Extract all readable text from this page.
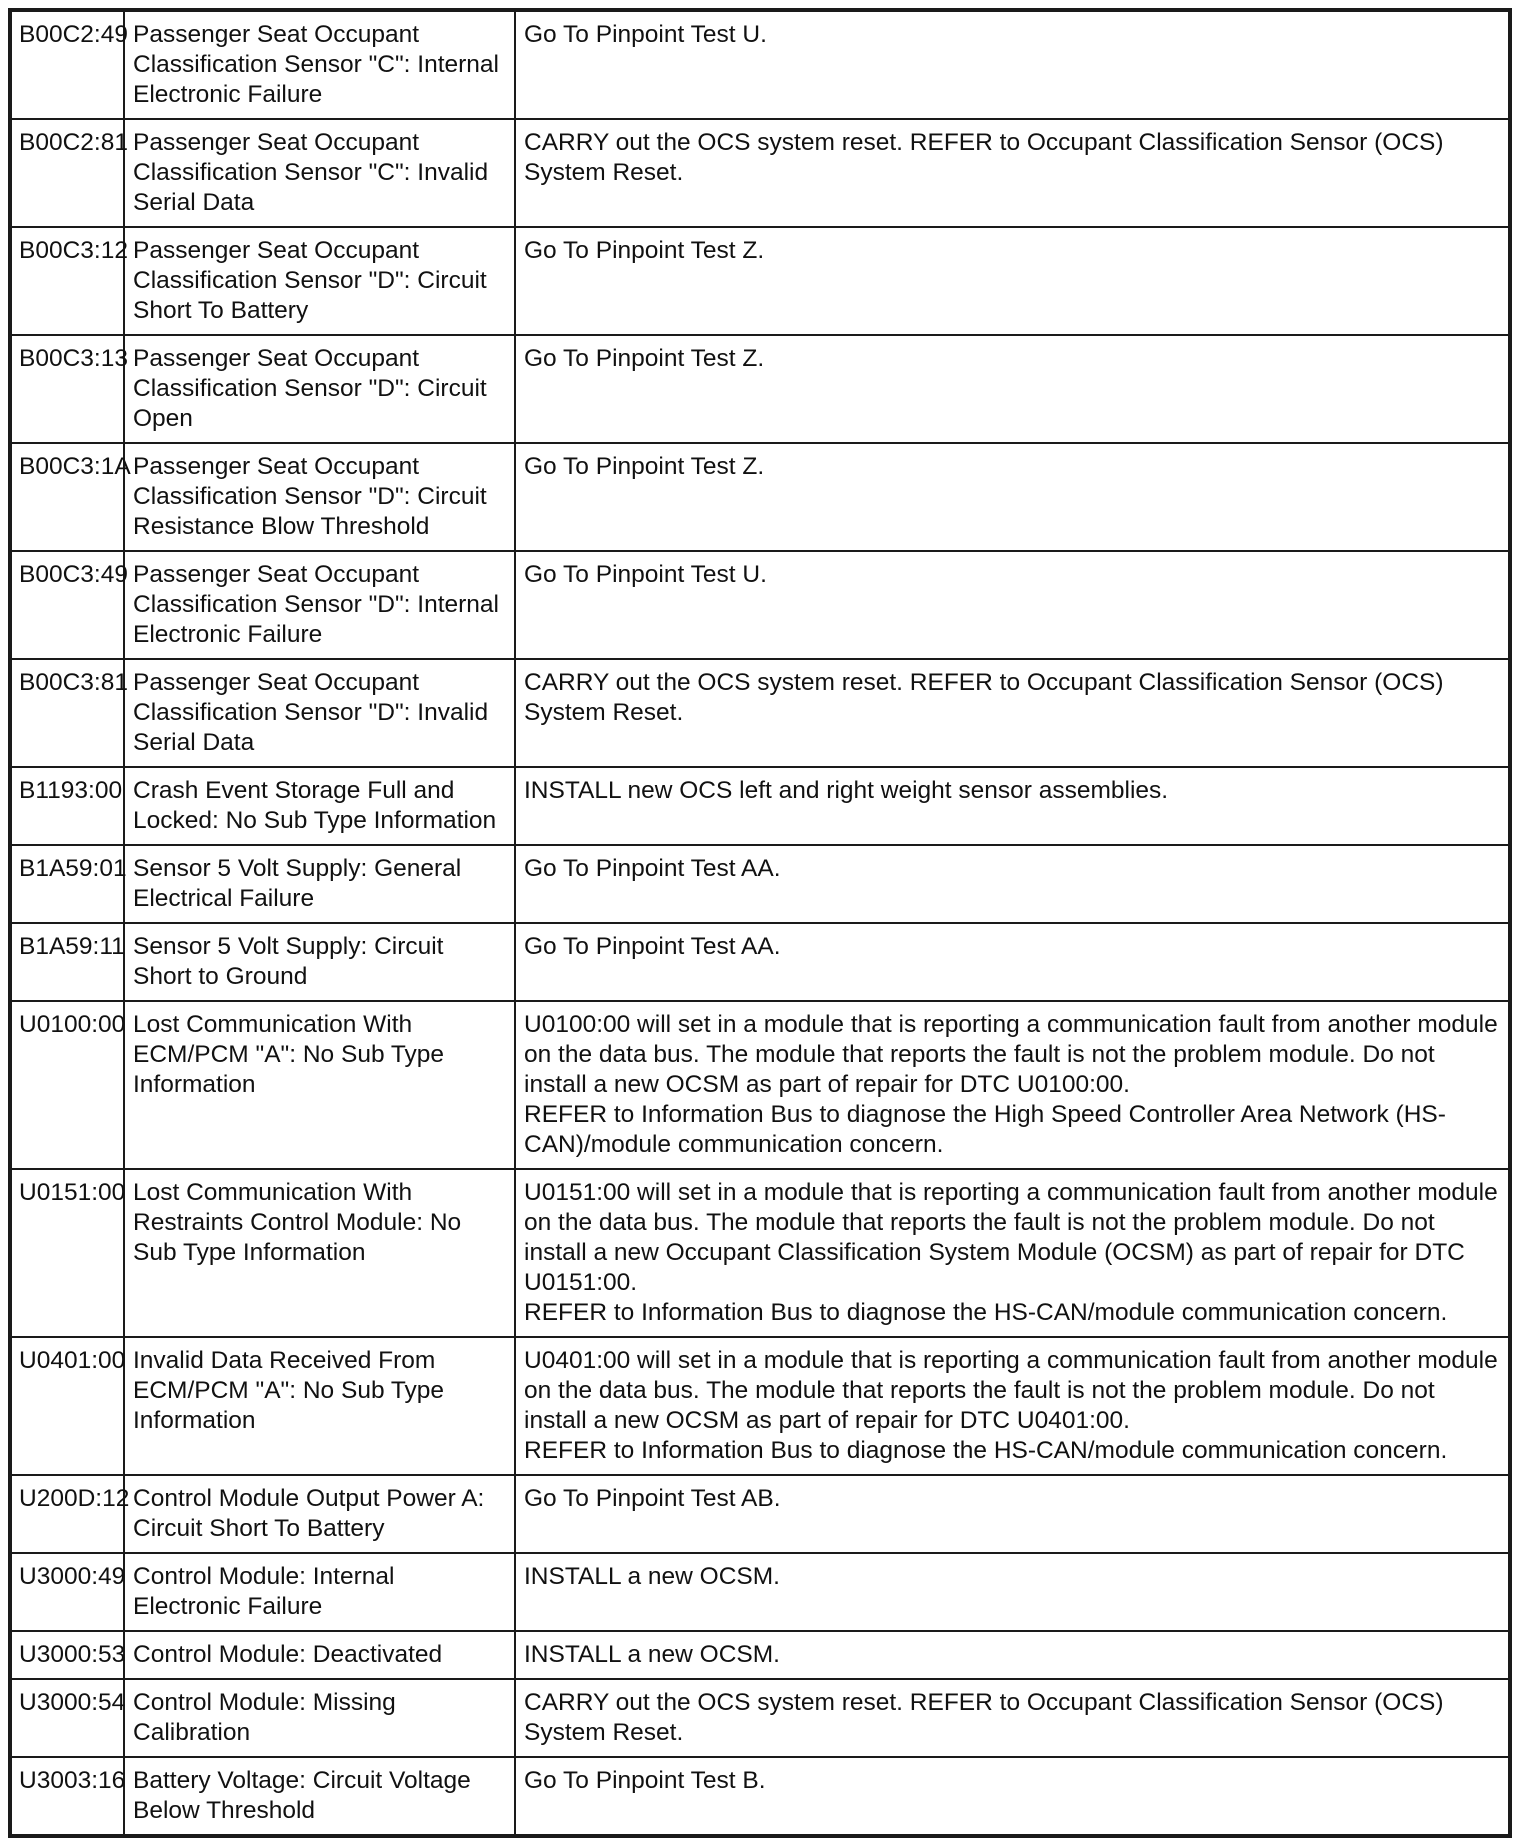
B00C2:49	Passenger Seat Occupant Classification Sensor "C": Internal Electronic Failure	Go To Pinpoint Test U.
B00C2:81	Passenger Seat Occupant Classification Sensor "C": Invalid Serial Data	CARRY out the OCS system reset. REFER to Occupant Classification Sensor (OCS) System Reset.
B00C3:12	Passenger Seat Occupant Classification Sensor "D": Circuit Short To Battery	Go To Pinpoint Test Z.
B00C3:13	Passenger Seat Occupant Classification Sensor "D": Circuit Open	Go To Pinpoint Test Z.
B00C3:1A	Passenger Seat Occupant Classification Sensor "D": Circuit Resistance Blow Threshold	Go To Pinpoint Test Z.
B00C3:49	Passenger Seat Occupant Classification Sensor "D": Internal Electronic Failure	Go To Pinpoint Test U.
B00C3:81	Passenger Seat Occupant Classification Sensor "D": Invalid Serial Data	CARRY out the OCS system reset. REFER to Occupant Classification Sensor (OCS) System Reset.
B1193:00	Crash Event Storage Full and Locked: No Sub Type Information	INSTALL new OCS left and right weight sensor assemblies.
B1A59:01	Sensor 5 Volt Supply: General Electrical Failure	Go To Pinpoint Test AA.
B1A59:11	Sensor 5 Volt Supply: Circuit Short to Ground	Go To Pinpoint Test AA.
U0100:00	Lost Communication With ECM/PCM "A": No Sub Type Information	U0100:00 will set in a module that is reporting a communication fault from another module on the data bus. The module that reports the fault is not the problem module. Do not install a new OCSM as part of repair for DTC U0100:00.
REFER to Information Bus to diagnose the High Speed Controller Area Network (HS-CAN)/module communication concern.
U0151:00	Lost Communication With Restraints Control Module: No Sub Type Information	U0151:00 will set in a module that is reporting a communication fault from another module on the data bus. The module that reports the fault is not the problem module. Do not install a new Occupant Classification System Module (OCSM) as part of repair for DTC U0151:00.
REFER to Information Bus to diagnose the HS-CAN/module communication concern.
U0401:00	Invalid Data Received From ECM/PCM "A": No Sub Type Information	U0401:00 will set in a module that is reporting a communication fault from another module on the data bus. The module that reports the fault is not the problem module. Do not install a new OCSM as part of repair for DTC U0401:00.
REFER to Information Bus to diagnose the HS-CAN/module communication concern.
U200D:12	Control Module Output Power A: Circuit Short To Battery	Go To Pinpoint Test AB.
U3000:49	Control Module: Internal Electronic Failure	INSTALL a new OCSM.
U3000:53	Control Module: Deactivated	INSTALL a new OCSM.
U3000:54	Control Module: Missing Calibration	CARRY out the OCS system reset. REFER to Occupant Classification Sensor (OCS) System Reset.
U3003:16	Battery Voltage: Circuit Voltage Below Threshold	Go To Pinpoint Test B.
